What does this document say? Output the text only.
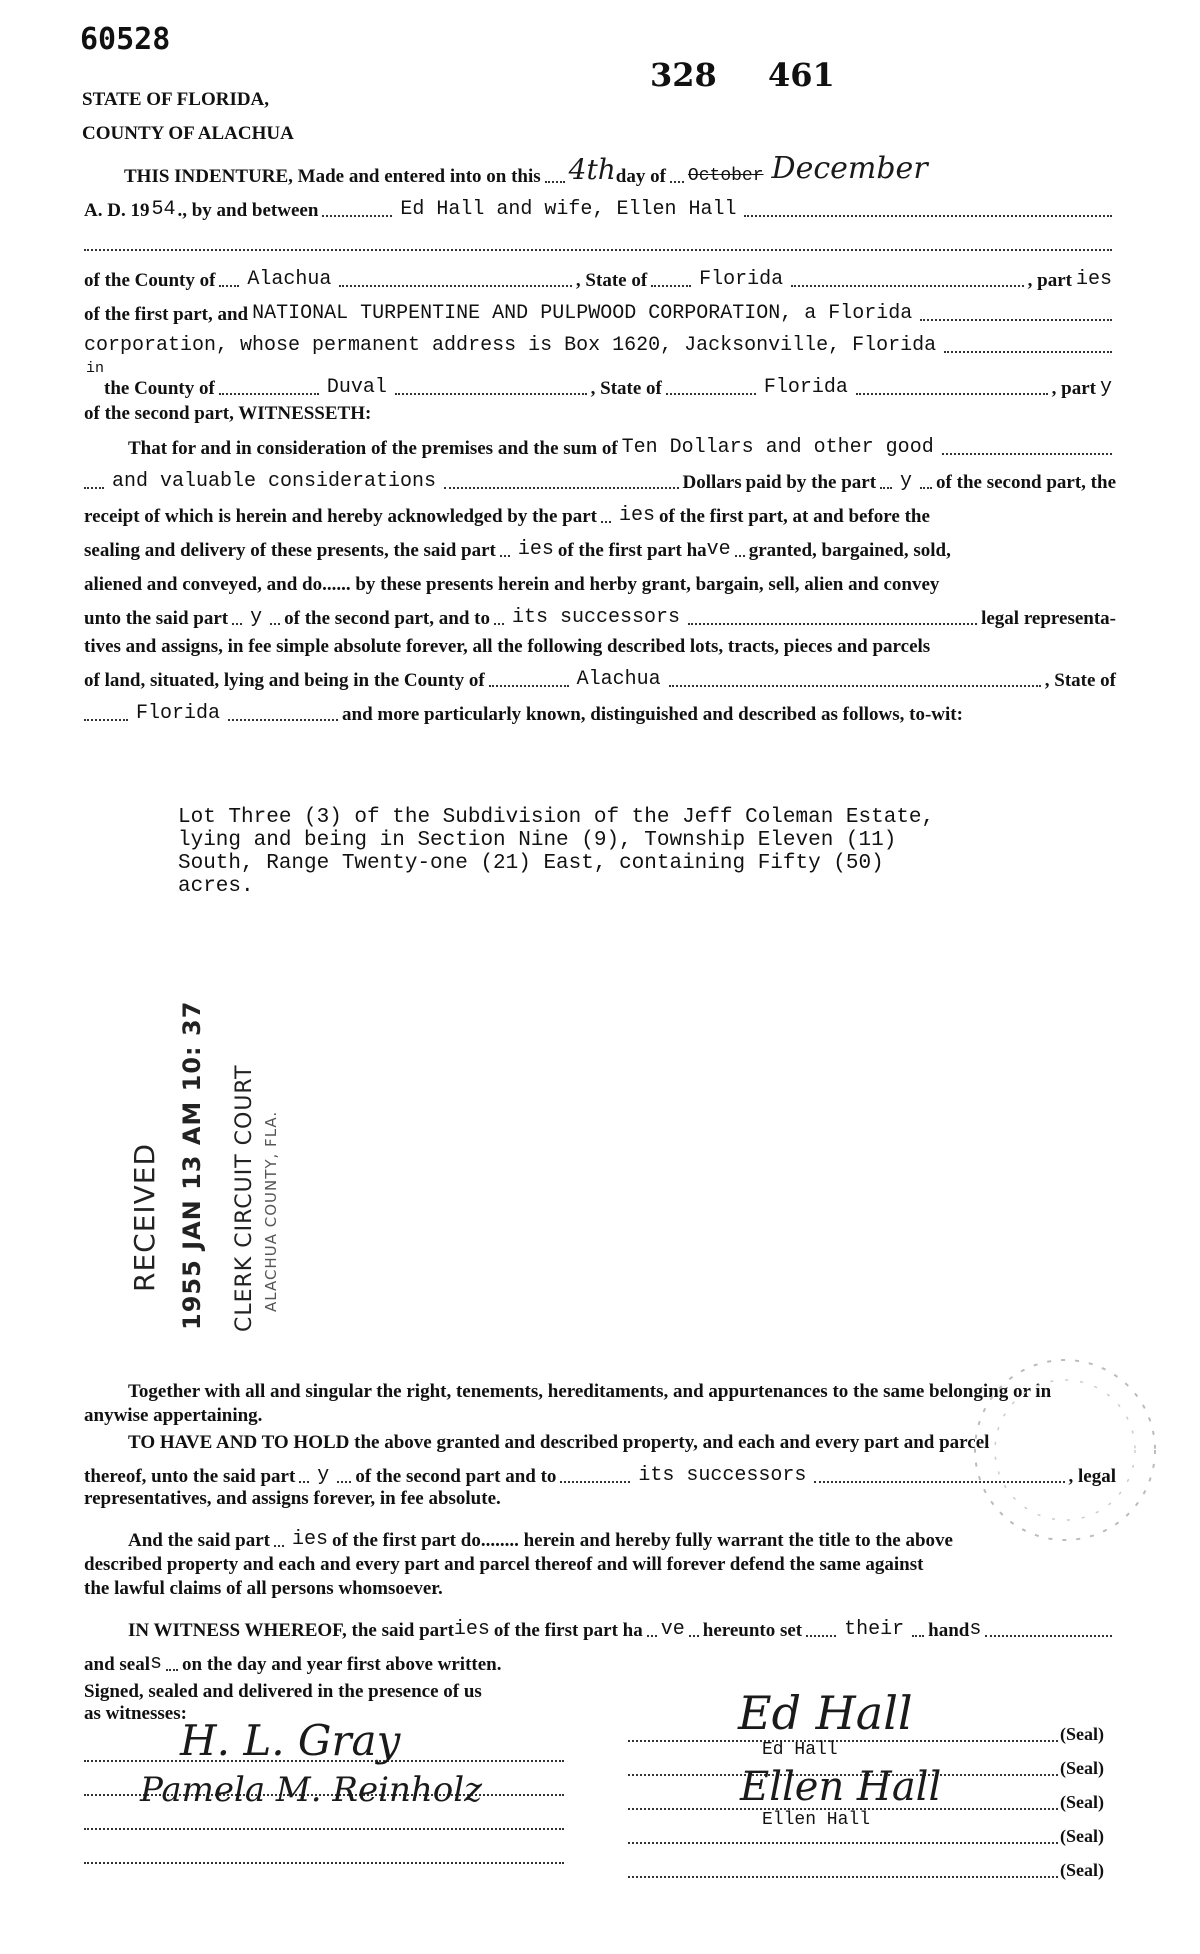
60528
328 461
STATE OF FLORIDA,
COUNTY OF ALACHUA
THIS INDENTURE, Made and entered into on this 4th day of October December
A. D. 19 54 ., by and between	Ed Hall and wife, Ellen Hall
of the County of Alachua	, State of	Florida	, part ies
of the first part, and NATIONAL TURPENTINE AND PULPWOOD CORPORATION, a Florida
corporation, whose permanent address is Box 1620, Jacksonville, Florida
in
the County of	Duval	, State of	Florida	, part y
of the second part, WITNESSETH:
That for and in consideration of the premises and the sum of Ten Dollars and other good
and valuable considerations	Dollars paid by the part y of the second part, the
receipt of which is herein and hereby acknowledged by the part ies of the first part, at and before the
sealing and delivery of these presents, the said part ies of the first part ha ve granted, bargained, sold,
aliened and conveyed, and do...... by these presents herein and herby grant, bargain, sell, alien and convey
unto the said part y of the second part, and to its successors	legal representa-
tives and assigns, in fee simple absolute forever, all the following described lots, tracts, pieces and parcels
of land, situated, lying and being in the County of	Alachua	, State of
Florida	and more particularly known, distinguished and described as follows, to-wit:
Lot Three (3) of the Subdivision of the Jeff Coleman Estate,
lying and being in Section Nine (9), Township Eleven (11)
South, Range Twenty-one (21) East, containing Fifty (50)
acres.
RECEIVED 1955 JAN 13 AM 10: 37 CLERK CIRCUIT COURT ALACHUA COUNTY, FLA.
Together with all and singular the right, tenements, hereditaments, and appurtenances to the same belonging or in anywise appertaining.
TO HAVE AND TO HOLD the above granted and described property, and each and every part and parcel
thereof, unto the said part y of the second part and to	its successors	, legal
representatives, and assigns forever, in fee absolute.
And the said part ies of the first part do........ herein and hereby fully warrant the title to the above
described property and each and every part and parcel thereof and will forever defend the same against
the lawful claims of all persons whomsoever.
IN WITNESS WHEREOF, the said part ies of the first part ha ve hereunto set their hand s
and seal s on the day and year first above written.
Signed, sealed and delivered in the presence of us
as witnesses:
H. L. Gray
Pamela M. Reinholz
(Seal)
(Seal)
(Seal)
(Seal)
(Seal)
Ed Hall
Ed Hall
Ellen Hall
Ellen Hall
